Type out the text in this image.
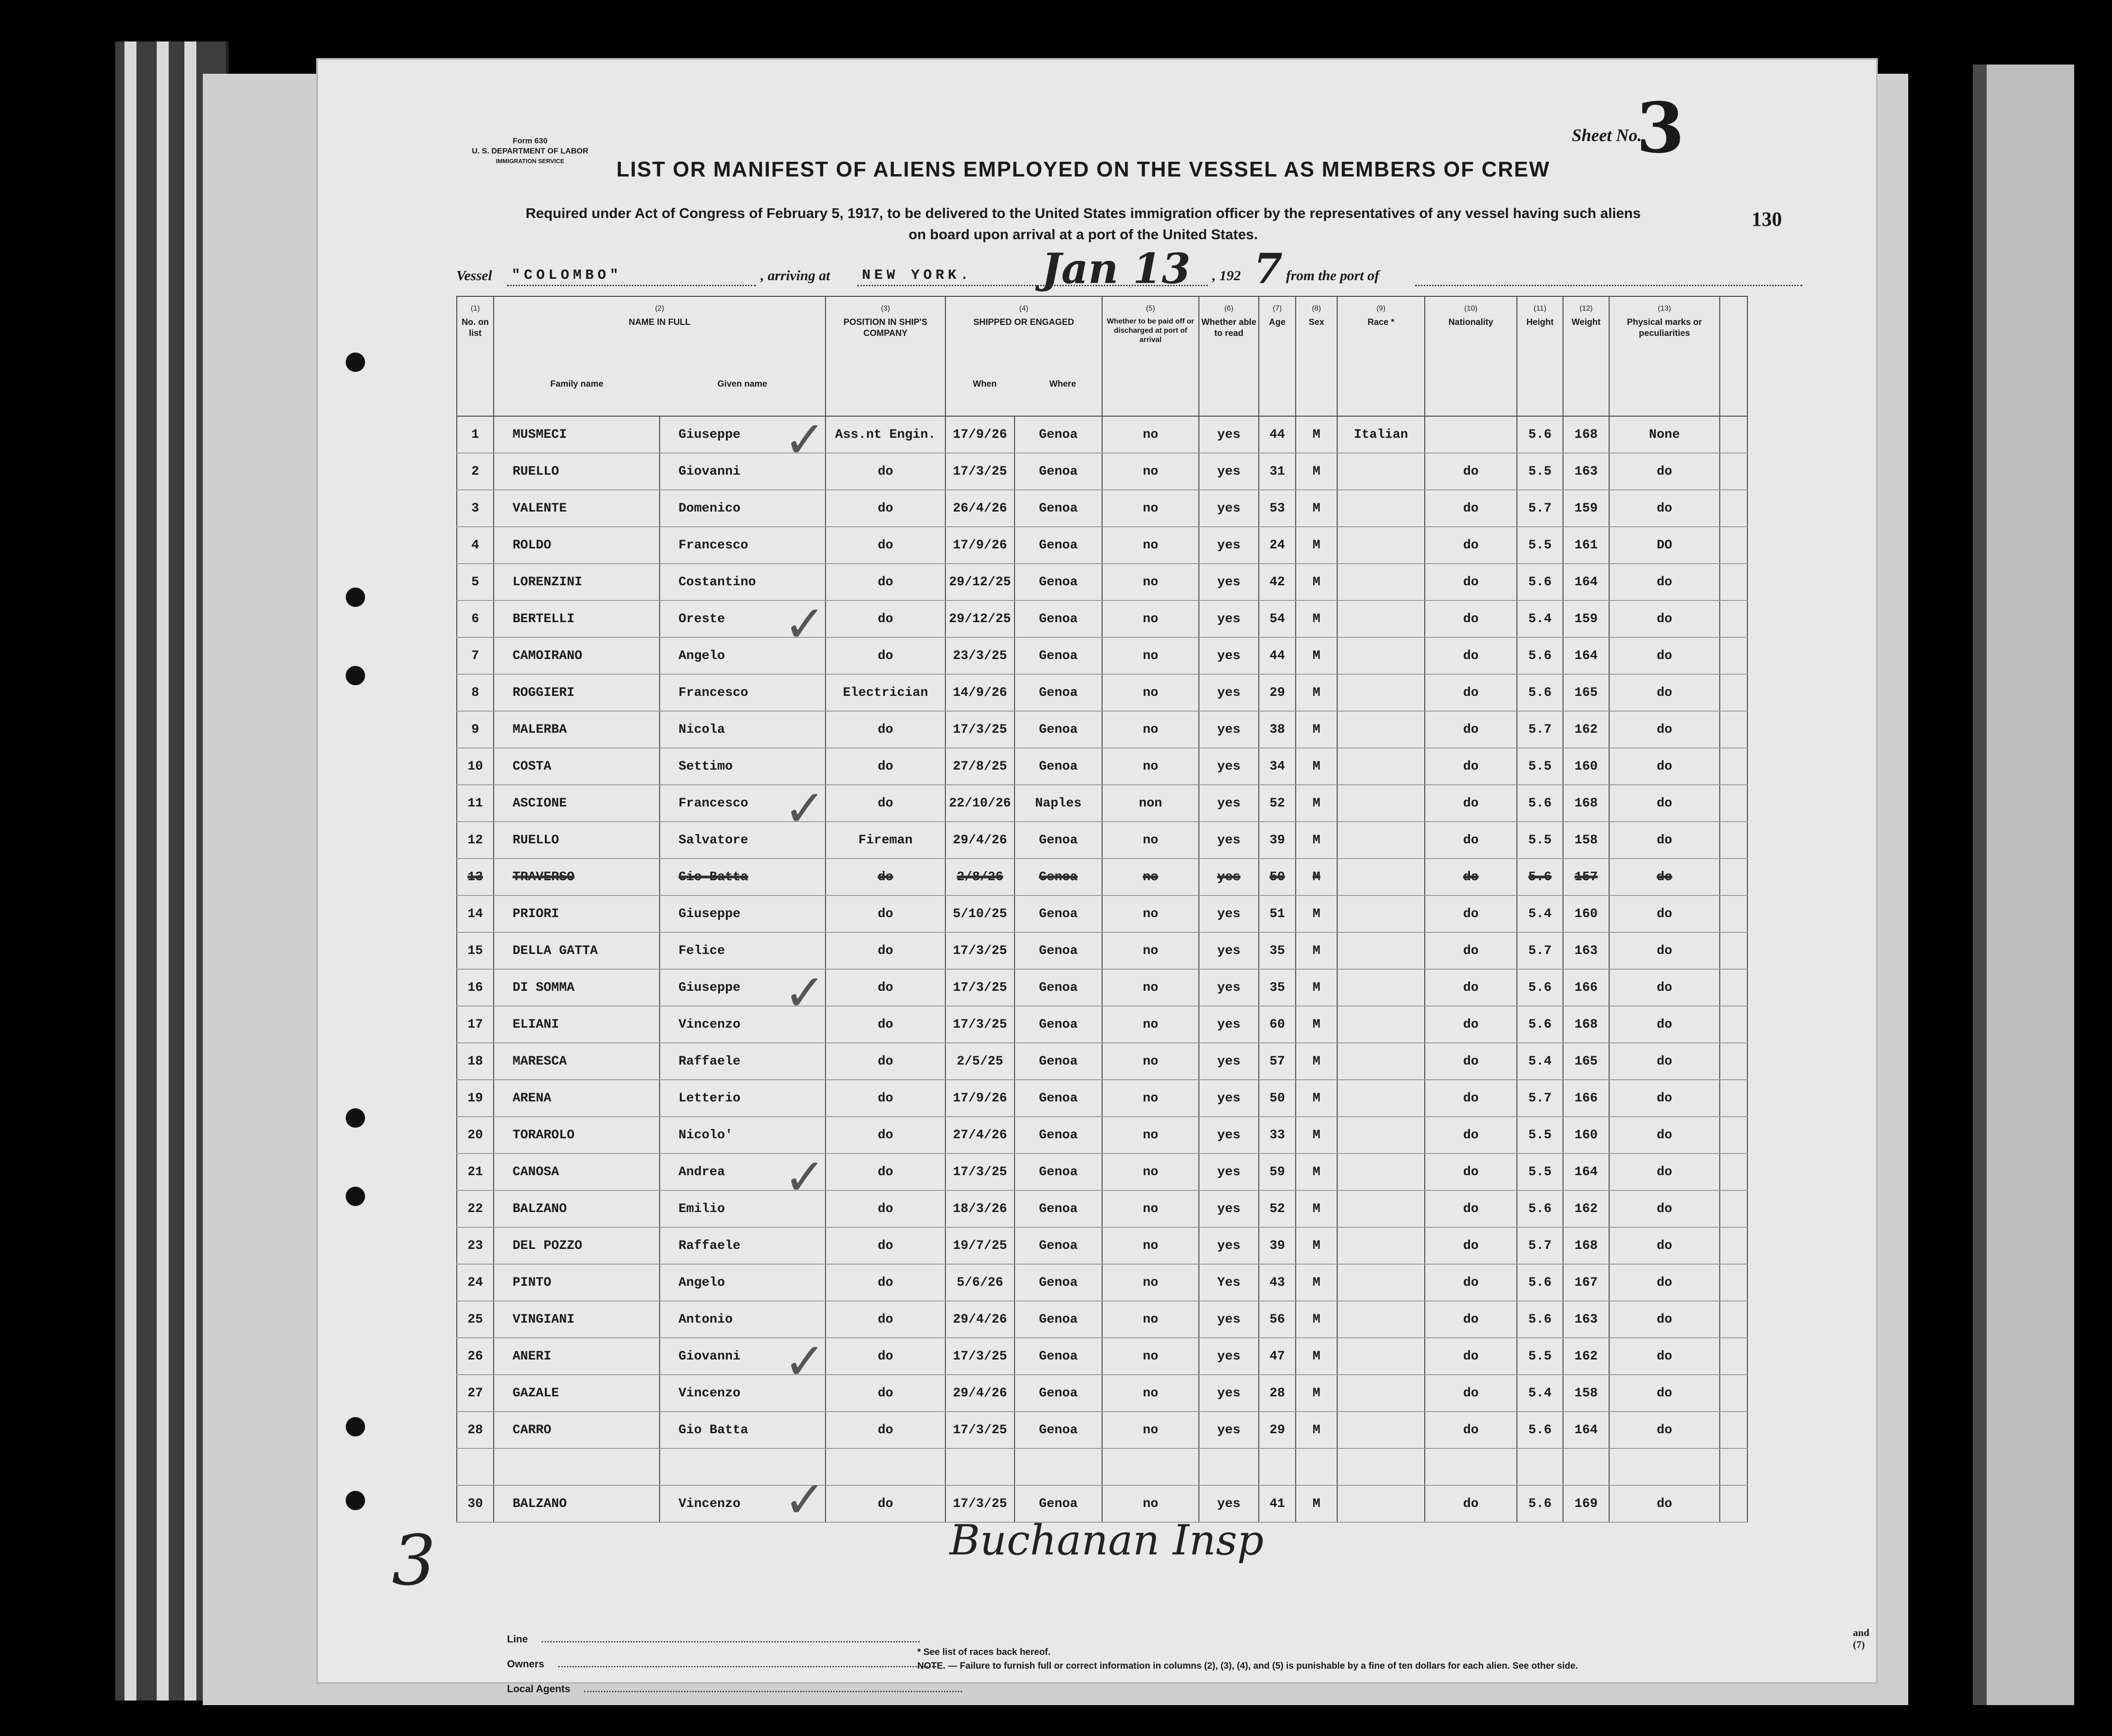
Form 630
U. S. DEPARTMENT OF LABOR
IMMIGRATION SERVICE
Sheet No.
3
LIST OR MANIFEST OF ALIENS EMPLOYED ON THE VESSEL AS MEMBERS OF CREW
Required under Act of Congress of February 5, 1917, to be delivered to the United States immigration officer by the representatives of any vessel having such aliens
on board upon arrival at a port of the United States.
130
Vessel "COLOMBO"	, arriving at NEW YORK. Jan 13 , 192 7 from the port of
(1)
No. on list	(2)
NAME IN FULL
Family name Given name		(3)
POSITION IN SHIP'S COMPANY	(4)
SHIPPED OR ENGAGED
When Where		(5)
Whether to be paid off or discharged at port of arrival	(6)
Whether able to read	(7)
Age	(8)
Sex	(9)
Race *	(10)
Nationality	(11)
Height	(12)
Weight	(13)
Physical marks or peculiarities	

1	MUSMECI	Giuseppe	Ass.nt Engin.	17/9/26	Genoa	no	yes	44	M	Italian		5.6	168	None	
2	RUELLO	Giovanni	do	17/3/25	Genoa	no	yes	31	M		do	5.5	163	do	
3	VALENTE	Domenico	do	26/4/26	Genoa	no	yes	53	M		do	5.7	159	do	
4	ROLDO	Francesco	do	17/9/26	Genoa	no	yes	24	M		do	5.5	161	DO	
5	LORENZINI	Costantino	do	29/12/25	Genoa	no	yes	42	M		do	5.6	164	do	
6	BERTELLI	Oreste	do	29/12/25	Genoa	no	yes	54	M		do	5.4	159	do	
7	CAMOIRANO	Angelo	do	23/3/25	Genoa	no	yes	44	M		do	5.6	164	do	
8	ROGGIERI	Francesco	Electrician	14/9/26	Genoa	no	yes	29	M		do	5.6	165	do	
9	MALERBA	Nicola	do	17/3/25	Genoa	no	yes	38	M		do	5.7	162	do	
10	COSTA	Settimo	do	27/8/25	Genoa	no	yes	34	M		do	5.5	160	do	
11	ASCIONE	Francesco	do	22/10/26	Naples	non	yes	52	M		do	5.6	168	do	
12	RUELLO	Salvatore	Fireman	29/4/26	Genoa	no	yes	39	M		do	5.5	158	do	
13	TRAVERSO	Gio Batta	do	2/8/26	Genoa	no	yes	50	M		do	5.6	157	do	
14	PRIORI	Giuseppe	do	5/10/25	Genoa	no	yes	51	M		do	5.4	160	do	
15	DELLA GATTA	Felice	do	17/3/25	Genoa	no	yes	35	M		do	5.7	163	do	
16	DI SOMMA	Giuseppe	do	17/3/25	Genoa	no	yes	35	M		do	5.6	166	do	
17	ELIANI	Vincenzo	do	17/3/25	Genoa	no	yes	60	M		do	5.6	168	do	
18	MARESCA	Raffaele	do	2/5/25	Genoa	no	yes	57	M		do	5.4	165	do	
19	ARENA	Letterio	do	17/9/26	Genoa	no	yes	50	M		do	5.7	166	do	
20	TORAROLO	Nicolo'	do	27/4/26	Genoa	no	yes	33	M		do	5.5	160	do	
21	CANOSA	Andrea	do	17/3/25	Genoa	no	yes	59	M		do	5.5	164	do	
22	BALZANO	Emilio	do	18/3/26	Genoa	no	yes	52	M		do	5.6	162	do	
23	DEL POZZO	Raffaele	do	19/7/25	Genoa	no	yes	39	M		do	5.7	168	do	
24	PINTO	Angelo	do	5/6/26	Genoa	no	Yes	43	M		do	5.6	167	do	
25	VINGIANI	Antonio	do	29/4/26	Genoa	no	yes	56	M		do	5.6	163	do	
26	ANERI	Giovanni	do	17/3/25	Genoa	no	yes	47	M		do	5.5	162	do	
27	GAZALE	Vincenzo	do	29/4/26	Genoa	no	yes	28	M		do	5.4	158	do	
28	CARRO	Gio Batta	do	17/3/25	Genoa	no	yes	29	M		do	5.6	164	do	

30	BALZANO	Vincenzo	do	17/3/25	Genoa	no	yes	41	M		do	5.6	169	do	
✓
✓
✓
✓
✓
✓
✓
Buchanan Insp
3
Line
Owners
Local Agents
* See list of races back hereof.
NOTE. — Failure to furnish full or correct information in columns (2), (3), (4), and (5) is punishable by a fine of ten dollars for each alien. See other side.
and (7)
